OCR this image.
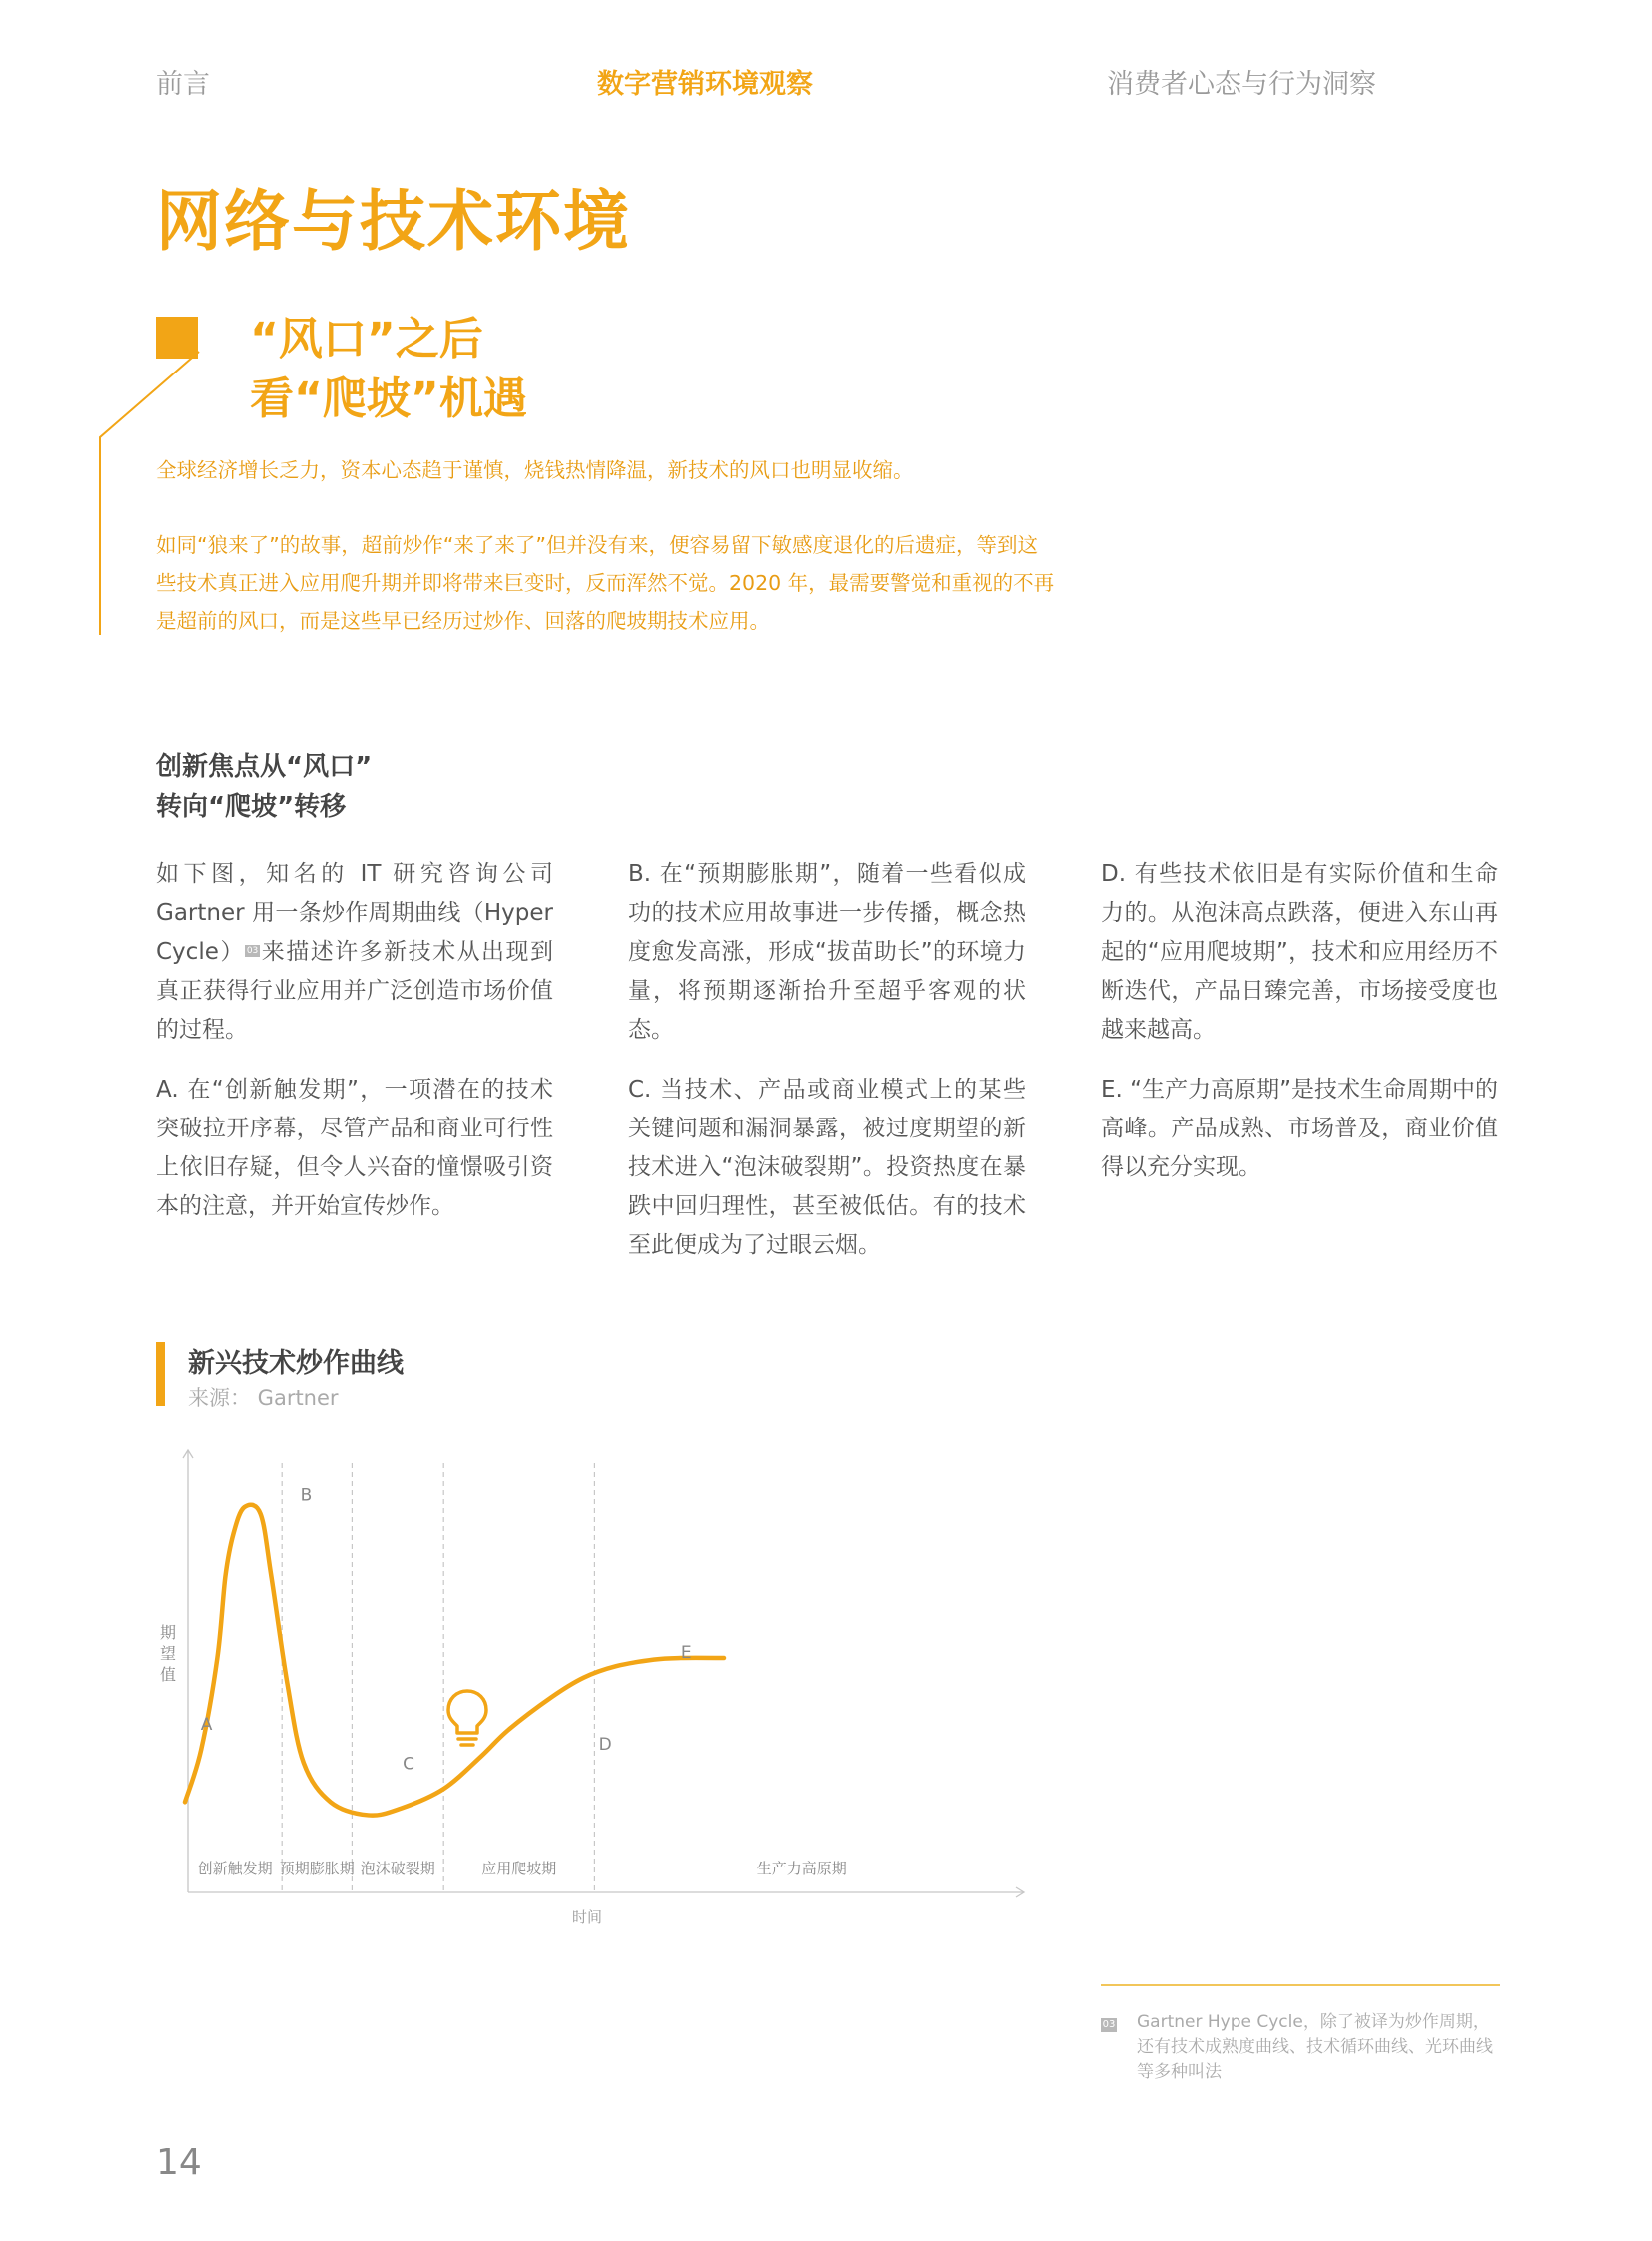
前言	数字营销环境观察	消费者心态与行为洞察
网络与技术环境
“风口”之后
看“爬坡”机遇

全球经济增长乏力，资本心态趋于谨慎，烧钱热情降温，新技术的风口也明显收缩。

如同“狼来了”的故事，超前炒作“来了来了”但并没有来，便容易留下敏感度退化的后遗症，等到这些技术真正进入应用爬升期并即将带来巨变时，反而浑然不觉。2020 年，最需要警觉和重视的不再是超前的风口，而是这些早已经历过炒作、回落的爬坡期技术应用。

创新焦点从“风口”
转向“爬坡”转移

如下图，知名的 IT 研究咨询公司 Gartner 用一条炒作周期曲线（Hyper Cycle） $^{03}$来描述许多新技术从出现到真正获得行业应用并广泛创造市场价值的过程。

A. 在“创新触发期”，一项潜在的技术突破拉开序幕，尽管产品和商业可行性上依旧存疑，但令人兴奋的憧憬吸引资本的注意，并开始宣传炒作。

B. 在“预期膨胀期”，随着一些看似成功的技术应用故事进一步传播，概念热度愈发高涨，形成“拔苗助长”的环境力量，将预期逐渐抬升至超乎客观的状态。

C. 当技术、产品或商业模式上的某些关键问题和漏洞暴露，被过度期望的新技术进入“泡沫破裂期”。投资热度在暴跌中回归理性，甚至被低估。有的技术至此便成为了过眼云烟。

D. 有些技术依旧是有实际价值和生命力的。从泡沫高点跌落，便进入东山再起的“应用爬坡期”，技术和应用经历不断迭代，产品日臻完善，市场接受度也越来越高。

E. “生产力高原期”是技术生命周期中的高峰。产品成熟、市场普及，商业价值得以充分实现。

新兴技术炒作曲线
来源： Gartner
期
望
值
时间
创新触发期 预期膨胀期 泡沫破裂期	应用爬坡期	生产力高原期
A
B
C
D
E
03 Gartner Hype Cycle，除了被译为炒作周期，还有技术成熟度曲线、技术循环曲线、光环曲线等多种叫法
14
